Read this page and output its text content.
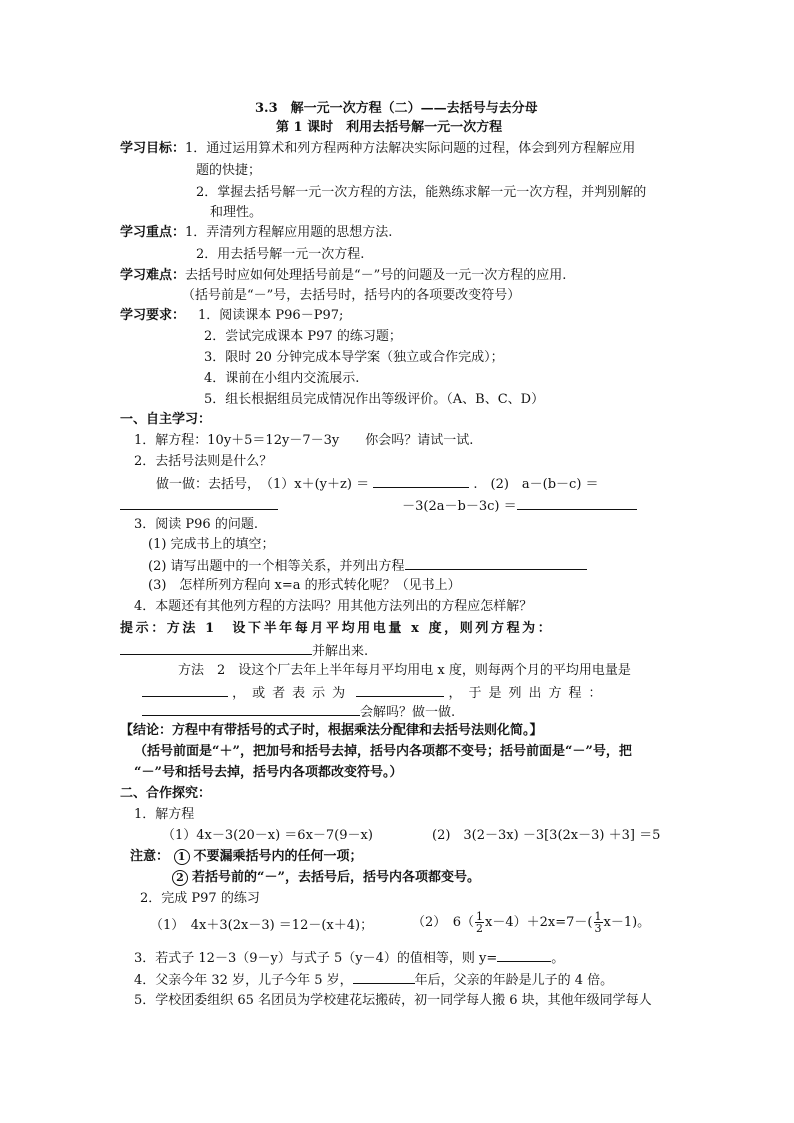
3.3　解一元一次方程（二）——去括号与去分母
第 1 课时　利用去括号解一元一次方程
学习目标：1．通过运用算术和列方程两种方法解决实际问题的过程，体会到列方程解应用
题的快捷；
2．掌握去括号解一元一次方程的方法，能熟练求解一元一次方程，并判别解的
和理性。
学习重点：1．弄清列方程解应用题的思想方法.
2．用去括号解一元一次方程.
学习难点：去括号时应如何处理括号前是“－”号的问题及一元一次方程的应用.
（括号前是“－”号，去括号时，括号内的各项要改变符号）
学习要求：  1．阅读课本 P96－P97;
2．尝试完成课本 P97 的练习题；
3．限时 20 分钟完成本导学案（独立或合作完成）；
4．课前在小组内交流展示.
5．组长根据组员完成情况作出等级评价。（A、B、C、D）
一、自主学习：
1．解方程：10y＋5＝12y－7－3y　　你会吗？请试一试.
2．去括号法则是什么？
做一做：去括号，　（1）x＋(y＋z) ＝	.　(2)　a－(b－c) ＝
－3(2a－b－3c) ＝
3．阅读 P96 的问题.
(1) 完成书上的填空；
(2) 请写出题中的一个相等关系，并列出方程
(3)　怎样所列方程向 x=a 的形式转化呢？（见书上）
4．本题还有其他列方程的方法吗？用其他方法列出的方程应怎样解？
提示：方法 1　设下半年每月平均用电量 x 度，则列方程为：
并解出来.
方法　2　设这个厂去年上半年每月平均用电 x 度，则每两个月的平均用电量是
，或者表示为	，于是列出方程：
会解吗？做一做.
【结论：方程中有带括号的式子时，根据乘法分配律和去括号法则化简。】
（括号前面是“＋”，把加号和括号去掉，括号内各项都不变号；括号前面是“－”号，把
“－”号和括号去掉，括号内各项都改变符号。）
二、合作探究：
1．解方程
（1）4x－3(20－x) ＝6x－7(9－x)	(2)　3(2－3x) －3[3(2x－3) ＋3] ＝5
注意： 1 不要漏乘括号内的任何一项；
2 若括号前的“－”，去括号后，括号内各项都变号。
2．完成 P97 的练习
（1）　4x＋3(2x－3) ＝12－(x＋4)；	（2）　$6( \frac{1}{2} x-4)+2x=7-( \frac{1}{3} x-1)$。
3．若式子 12－3（9－y）与式子 5（y－4）的值相等，则 y=	。
4．父亲今年 32 岁，儿子今年 5 岁，	年后，父亲的年龄是儿子的 4 倍。
5．学校团委组织 65 名团员为学校建花坛搬砖，初一同学每人搬 6 块，其他年级同学每人
